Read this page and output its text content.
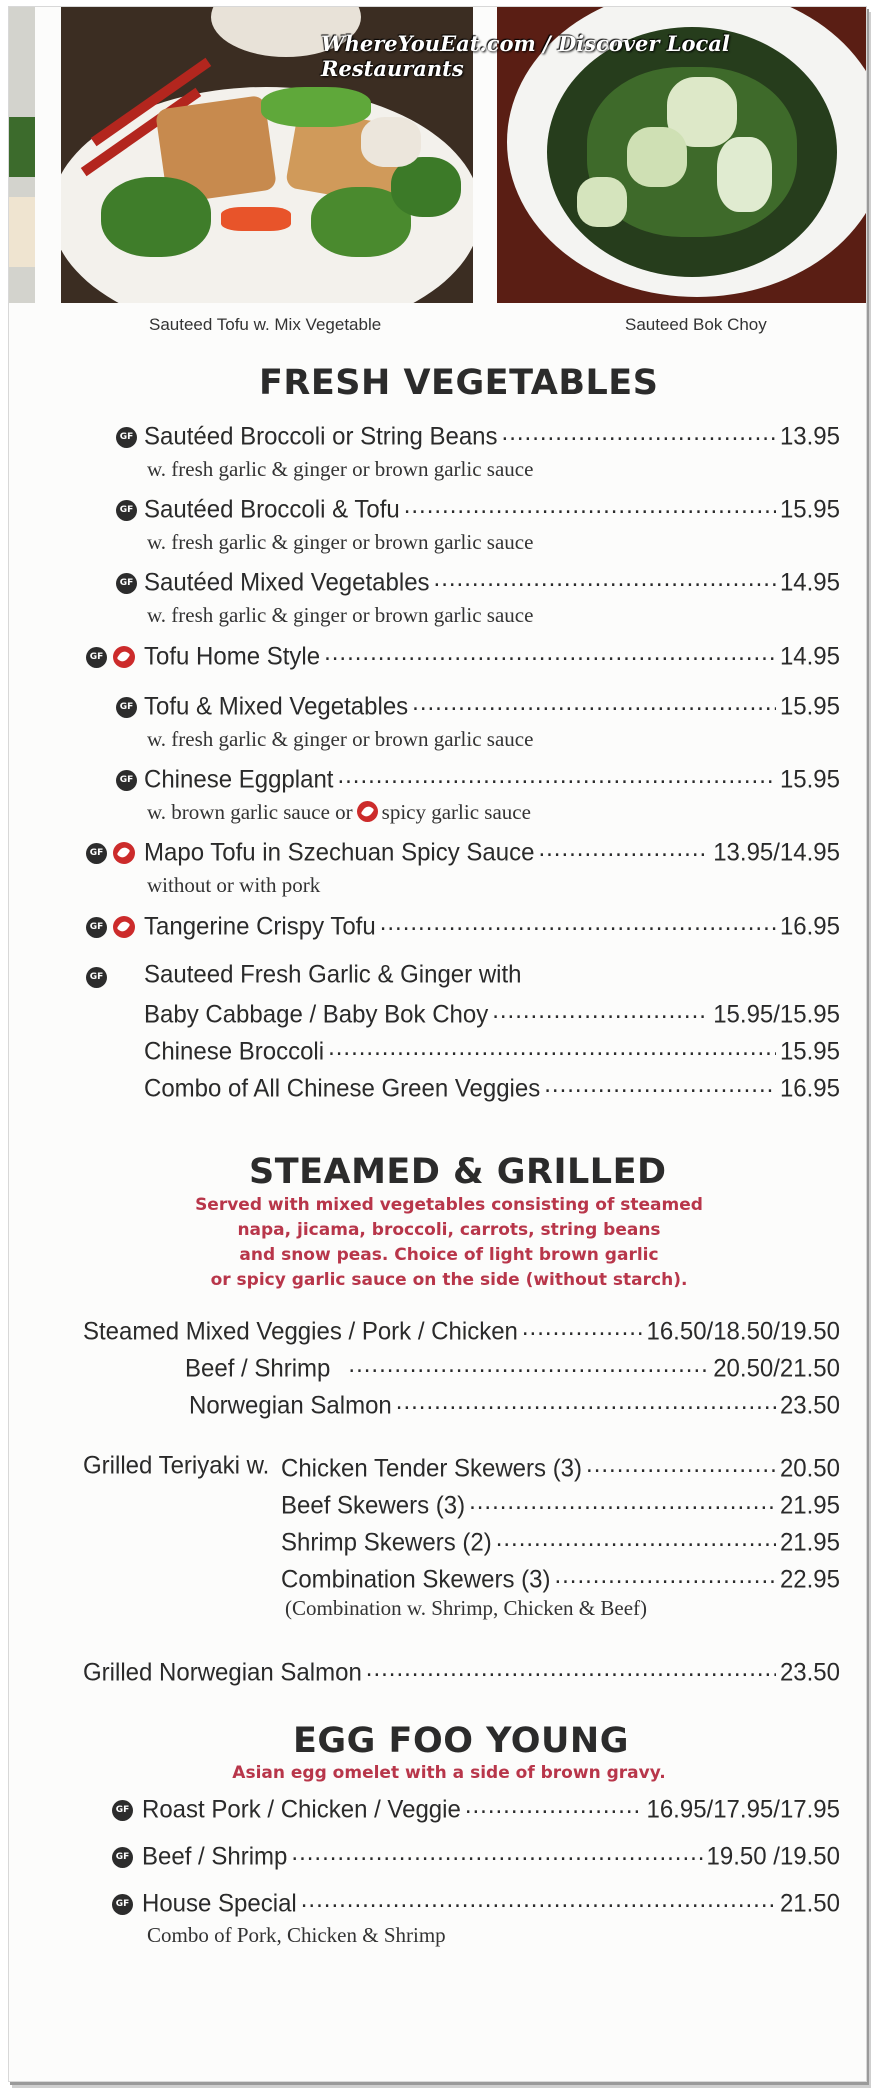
WhereYouEat.com / Discover Local Restaurants
Sauteed Tofu w. Mix Vegetable	Sauteed Bok Choy
FRESH VEGETABLES
GF Sautéed Broccoli or String Beans .....	13.95
w. fresh garlic & ginger or brown garlic sauce
GF Sautéed Broccoli & Tofu .....	15.95
w. fresh garlic & ginger or brown garlic sauce
GF Sautéed Mixed Vegetables .....	14.95
w. fresh garlic & ginger or brown garlic sauce
GF Tofu Home Style .....	14.95
GF Tofu & Mixed Vegetables .....	15.95
w. fresh garlic & ginger or brown garlic sauce
GF Chinese Eggplant .....	15.95
w. brown garlic sauce or spicy garlic sauce
GF Mapo Tofu in Szechuan Spicy Sauce .....	13.95/14.95
without or with pork
GF Tangerine Crispy Tofu .....	16.95
GF Sauteed Fresh Garlic & Ginger with
Baby Cabbage / Baby Bok Choy .....	15.95/15.95
Chinese Broccoli .....	15.95
Combo of All Chinese Green Veggies .....	16.95
STEAMED & GRILLED
Served with mixed vegetables consisting of steamed
napa, jicama, broccoli, carrots, string beans
and snow peas. Choice of light brown garlic
or spicy garlic sauce on the side (without starch).
Steamed Mixed Veggies / Pork / Chicken .....	16.50/18.50/19.50
Beef / Shrimp .....	20.50/21.50
Norwegian Salmon .....	23.50
Grilled Teriyaki w. Chicken Tender Skewers (3) .....	20.50
Beef Skewers (3) .....	21.95
Shrimp Skewers (2) .....	21.95
Combination Skewers (3) .....	22.95
(Combination w. Shrimp, Chicken & Beef)
Grilled Norwegian Salmon .....	23.50
EGG FOO YOUNG
Asian egg omelet with a side of brown gravy.
GF Roast Pork / Chicken / Veggie .....	16.95/17.95/17.95
GF Beef / Shrimp .....	19.50 /19.50
GF House Special .....	21.50
Combo of Pork, Chicken & Shrimp
